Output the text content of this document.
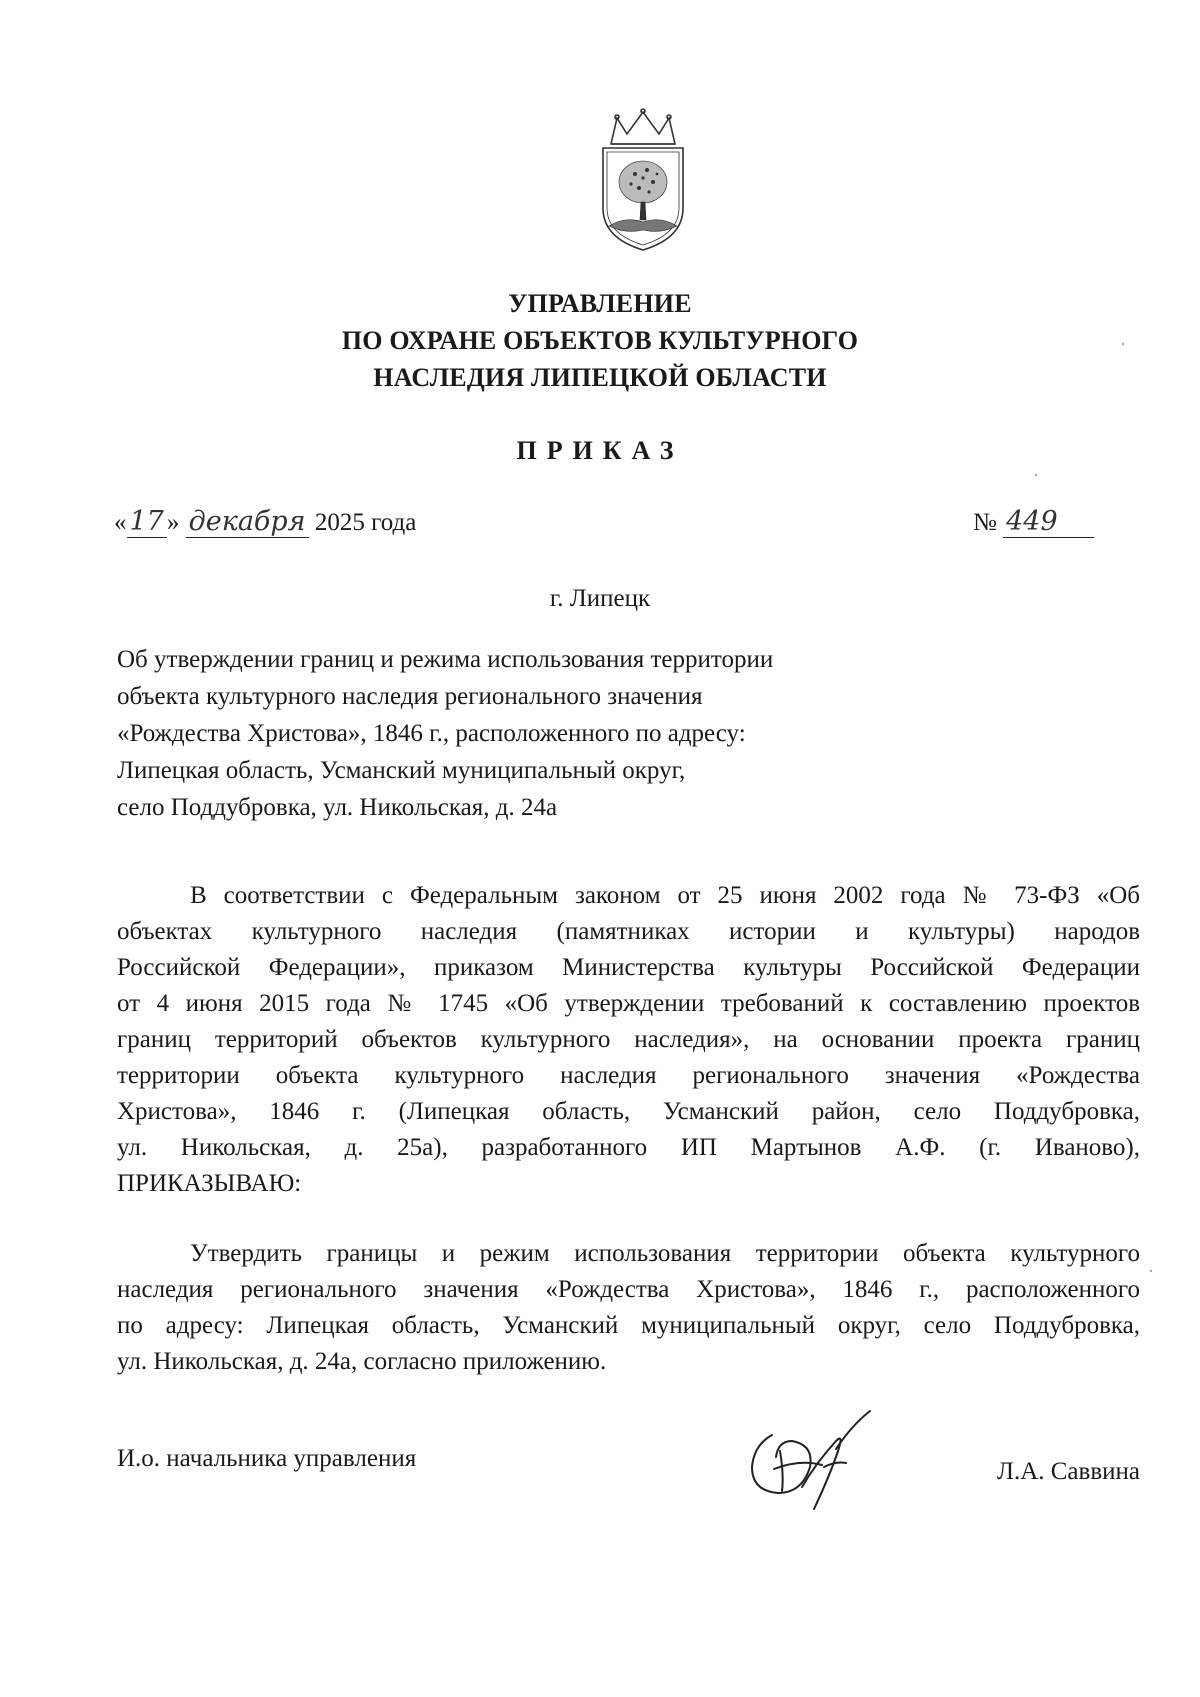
УПРАВЛЕНИЕ
ПО ОХРАНЕ ОБЪЕКТОВ КУЛЬТУРНОГО
НАСЛЕДИЯ ЛИПЕЦКОЙ ОБЛАСТИ
ПРИКАЗ
« 17 » декабря 2025 года	№ 449
г. Липецк
Об утверждении границ и режима использования территории
объекта культурного наследия регионального значения
«Рождества Христова», 1846 г., расположенного по адресу:
Липецкая область, Усманский муниципальный округ,
село Поддубровка, ул. Никольская, д. 24а
В соответствии с Федеральным законом от 25 июня 2002 года № 73-ФЗ «Об
объектах культурного наследия (памятниках истории и культуры) народов
Российской Федерации», приказом Министерства культуры Российской Федерации
от 4 июня 2015 года № 1745 «Об утверждении требований к составлению проектов
границ территорий объектов культурного наследия», на основании проекта границ
территории объекта культурного наследия регионального значения «Рождества
Христова», 1846 г. (Липецкая область, Усманский район, село Поддубровка,
ул. Никольская, д. 25а), разработанного ИП Мартынов А.Ф. (г. Иваново),
ПРИКАЗЫВАЮ:
Утвердить границы и режим использования территории объекта культурного
наследия регионального значения «Рождества Христова», 1846 г., расположенного
по адресу: Липецкая область, Усманский муниципальный округ, село Поддубровка,
ул. Никольская, д. 24а, согласно приложению.
И.о. начальника управления	Л.А. Саввина
